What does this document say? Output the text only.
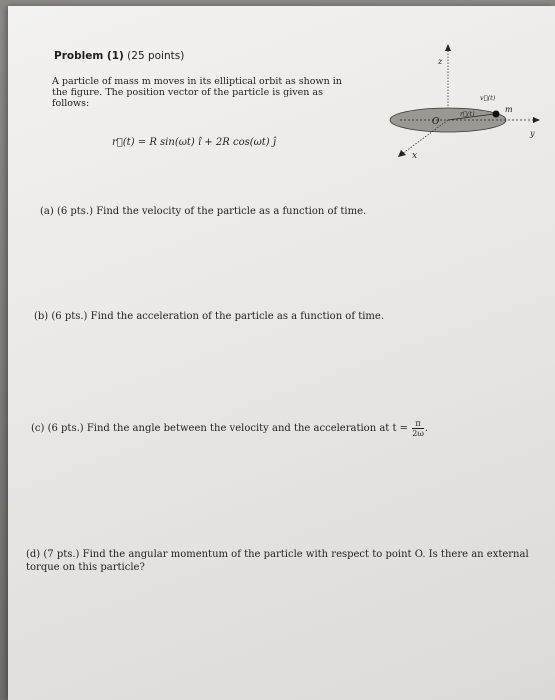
Problem (1) (25 points)
A particle of mass m moves in its elliptical orbit as shown in the figure. The position vector of the particle is given as follows:
r⃗(t) = R sin(ωt) î + 2R cos(ωt) ĵ
z
y
x
O
r⃗(t)
v⃗(t)
m
(a) (6 pts.) Find the velocity of the particle as a function of time.
(b) (6 pts.) Find the acceleration of the particle as a function of time.
(c) (6 pts.) Find the angle between the velocity and the acceleration at $t = \frac{\pi}{2\omega}$ .
(d) (7 pts.) Find the angular momentum of the particle with respect to point O. Is there an external torque on this particle?
